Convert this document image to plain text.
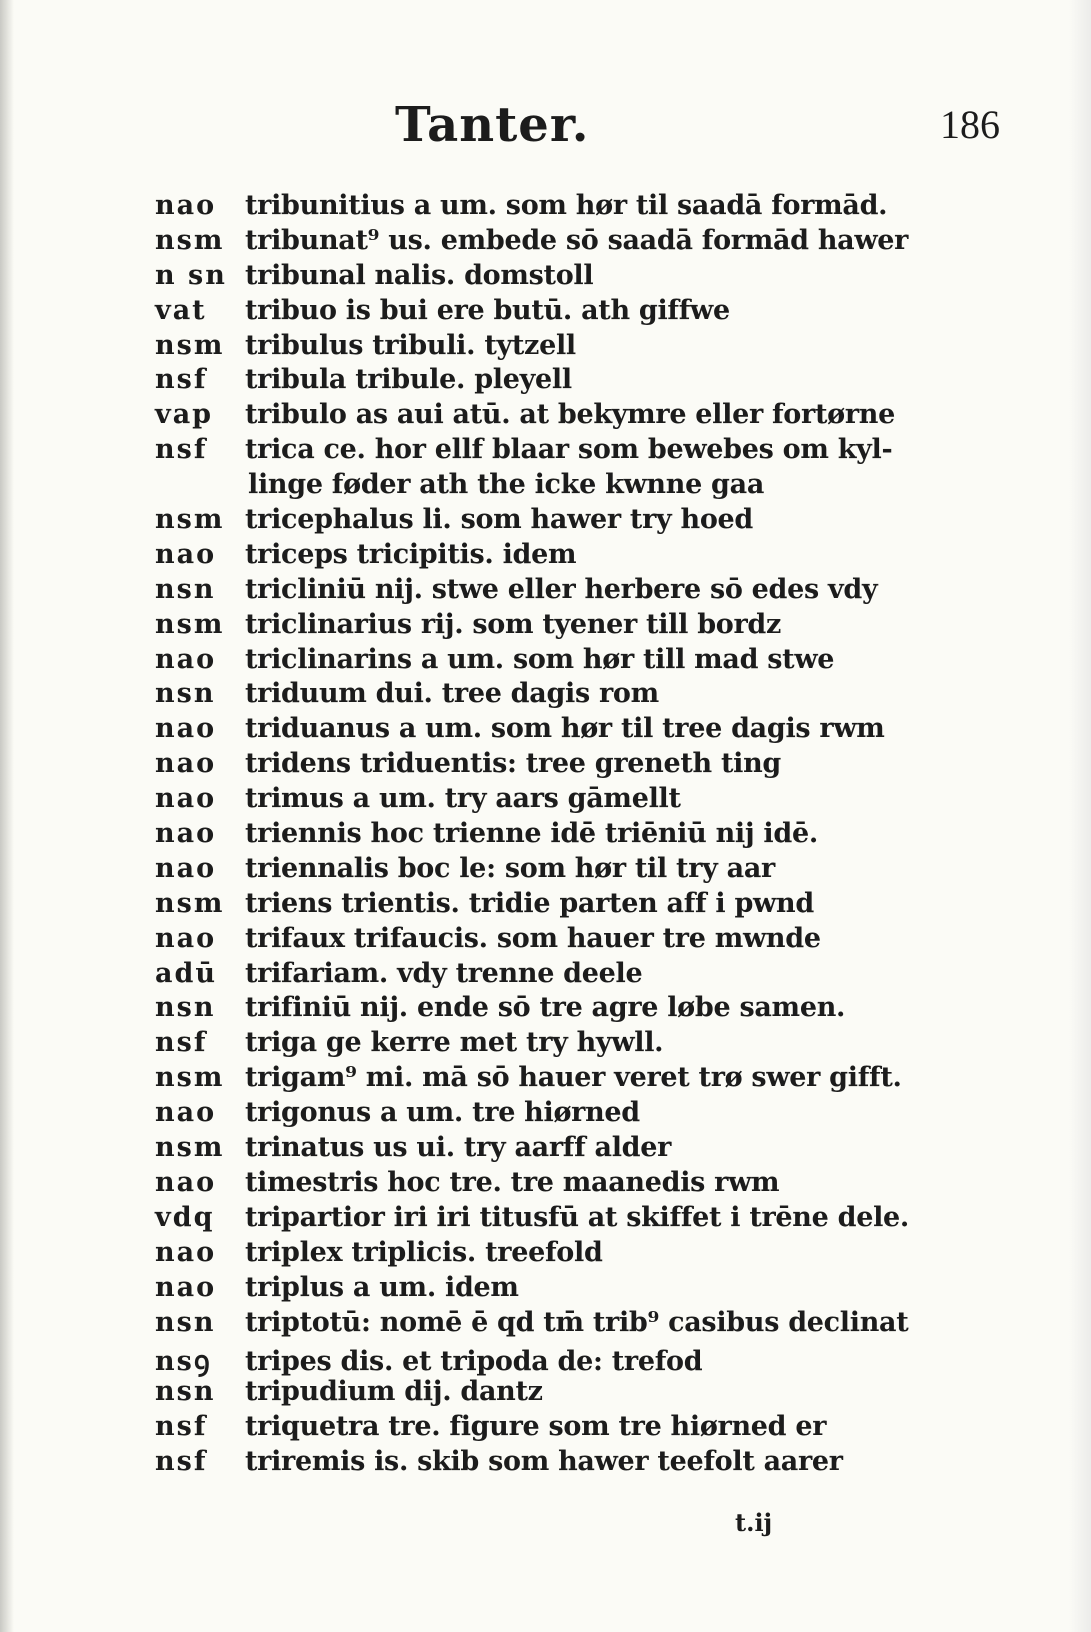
Tanter.	186
nao	tribunitius a um. som hør til saadā formād.
nsm tribunat⁹ us. embede sō saadā formād hawer
n sn tribunal nalis. domstoll
vat	tribuo is bui ere butū. ath giffwe
nsm tribulus tribuli. tytzell
nsf	tribula tribule. pleyell
vap	tribulo as aui atū. at bekymre eller fortørne
nsf	trica ce. hor ellf blaar som bewebes om kyl-
linge føder ath the icke kwnne gaa
nsm tricephalus li. som hawer try hoed
nao	triceps tricipitis. idem
nsn	tricliniū nij. stwe eller herbere sō edes vdy
nsm triclinarius rij. som tyener till bordz
nao	triclinarins a um. som hør till mad stwe
nsn	triduum dui. tree dagis rom
nao	triduanus a um. som hør til tree dagis rwm
nao	tridens triduentis: tree greneth ting
nao	trimus a um. try aars gāmellt
nao	triennis hoc trienne idē triēniū nij idē.
nao	triennalis boc le: som hør til try aar
nsm triens trientis. tridie parten aff i pwnd
nao	trifaux trifaucis. som hauer tre mwnde
adū	trifariam. vdy trenne deele
nsn	trifiniū nij. ende sō tre agre løbe samen.
nsf	triga ge kerre met try hywll.
nsm trigam⁹ mi. mā sō hauer veret trø swer gifft.
nao	trigonus a um. tre hiørned
nsm trinatus us ui. try aarff alder
nao	timestris hoc tre. tre maanedis rwm
vdq	tripartior iri iri titusfū at skiffet i trēne dele.
nao	triplex triplicis. treefold
nao	triplus a um. idem
nsn	triptotū: nomē ē qd tm̄ trib⁹ casibus declinat
nsꝯ	tripes dis. et tripoda de: trefod
nsn	tripudium dij. dantz
nsf	triquetra tre. figure som tre hiørned er
nsf	triremis is. skib som hawer teefolt aarer
t.ij
